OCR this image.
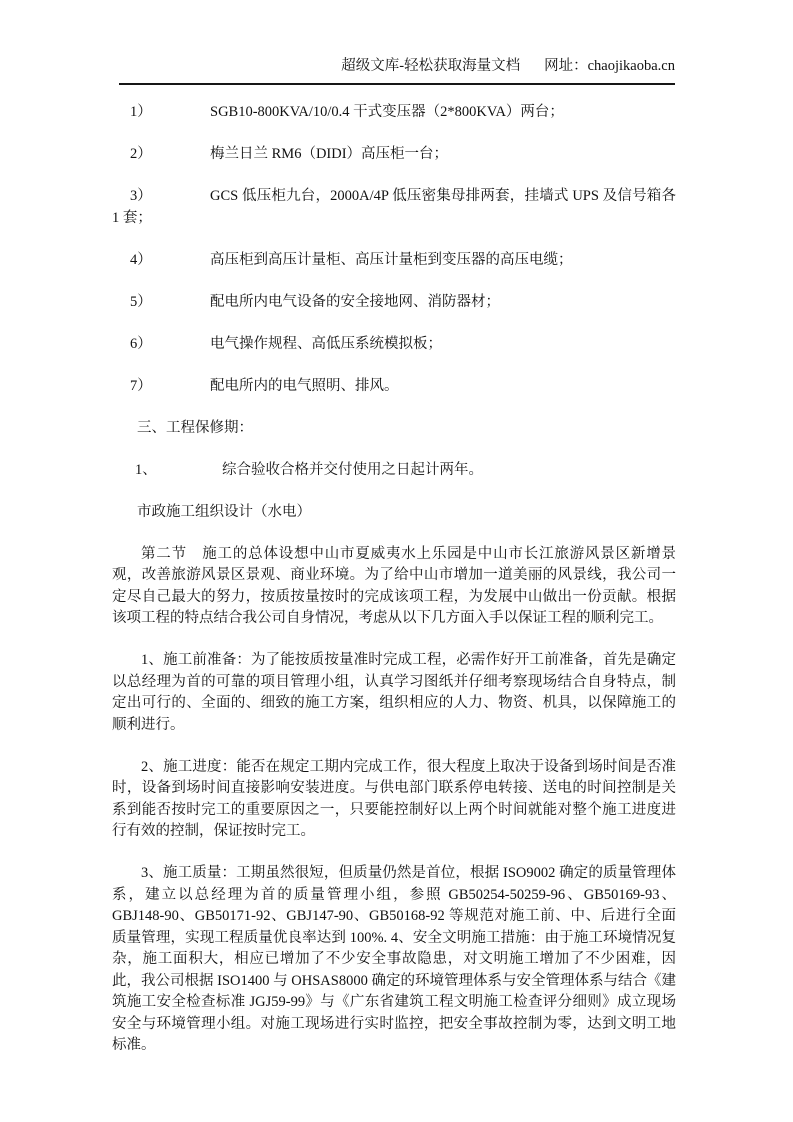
超级文库-轻松获取海量文档 网址：chaojikaoba.cn

1）	SGB10-800KVA/10/0.4 干式变压器（2*800KVA）两台；

2）	梅兰日兰 RM6（DIDI）高压柜一台；

3）	GCS 低压柜九台，2000A/4P 低压密集母排两套，挂墙式 UPS 及信号箱各 1 套；

4）	高压柜到高压计量柜、高压计量柜到变压器的高压电缆；

5）	配电所内电气设备的安全接地网、消防器材；

6）	电气操作规程、高低压系统模拟板；

7）	配电所内的电气照明、排风。

三、工程保修期：

1、	综合验收合格并交付使用之日起计两年。

市政施工组织设计（水电）

第二节　施工的总体设想中山市夏威夷水上乐园是中山市长江旅游风景区新增景观，改善旅游风景区景观、商业环境。为了给中山市增加一道美丽的风景线，我公司一定尽自己最大的努力，按质按量按时的完成该项工程，为发展中山做出一份贡献。根据该项工程的特点结合我公司自身情况，考虑从以下几方面入手以保证工程的顺利完工。

1、施工前准备：为了能按质按量准时完成工程，必需作好开工前准备，首先是确定以总经理为首的可靠的项目管理小组，认真学习图纸并仔细考察现场结合自身特点，制定出可行的、全面的、细致的施工方案，组织相应的人力、物资、机具，以保障施工的顺利进行。

2、施工进度：能否在规定工期内完成工作，很大程度上取决于设备到场时间是否准时，设备到场时间直接影响安装进度。与供电部门联系停电转接、送电的时间控制是关系到能否按时完工的重要原因之一，只要能控制好以上两个时间就能对整个施工进度进行有效的控制，保证按时完工。

3、施工质量：工期虽然很短，但质量仍然是首位，根据 ISO9002 确定的质量管理体系，建立以总经理为首的质量管理小组，参照 GB50254-50259-96、GB50169-93、GBJ148-90、GB50171-92、GBJ147-90、GB50168-92 等规范对施工前、中、后进行全面质量管理，实现工程质量优良率达到 100%. 4、安全文明施工措施：由于施工环境情况复杂，施工面积大，相应已增加了不少安全事故隐患，对文明施工增加了不少困难，因此，我公司根据 ISO1400 与 OHSAS8000 确定的环境管理体系与安全管理体系与结合《建筑施工安全检查标准 JGJ59-99》与《广东省建筑工程文明施工检查评分细则》成立现场安全与环境管理小组。对施工现场进行实时监控，把安全事故控制为零，达到文明工地标准。
